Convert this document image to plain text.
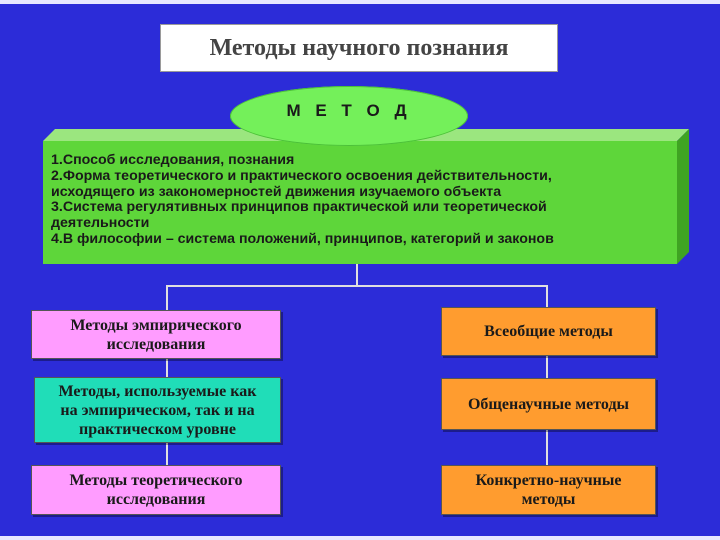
Методы научного познания
1.Способ исследования, познания
2.Форма теоретического и практического освоения действительности,
исходящего из закономерностей движения изучаемого объекта
3.Система регулятивных принципов практической или теоретической
деятельности
4.В философии – система положений, принципов, категорий и законов
М Е Т О Д
Методы эмпирического
исследования
Методы, используемые как
на эмпирическом, так и на
практическом уровне
Методы теоретического
исследования
Всеобщие методы
Общенаучные методы
Конкретно-научные
методы
